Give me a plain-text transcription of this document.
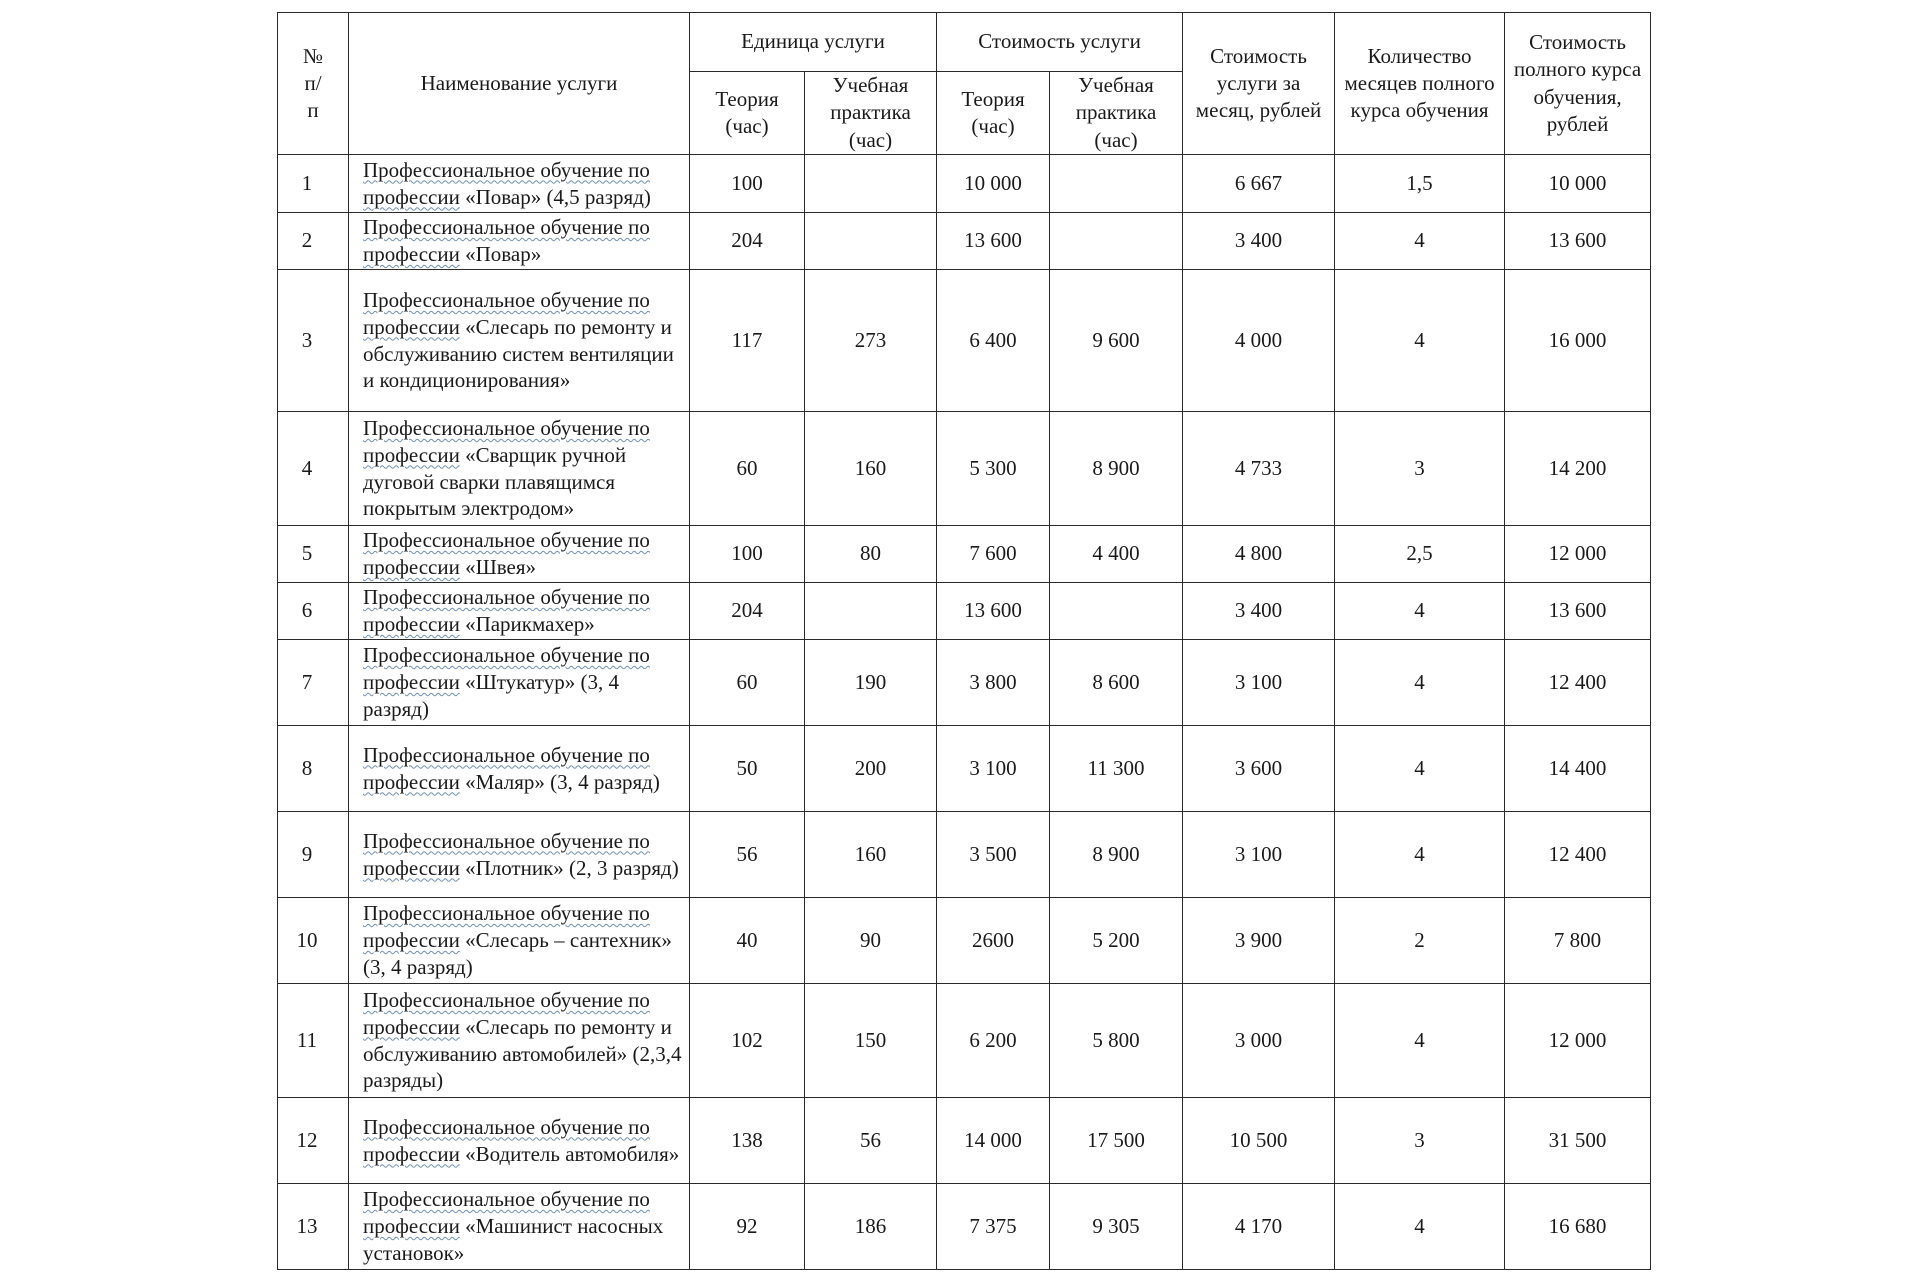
№
п/
п	Наименование услуги	Единица услуги		Стоимость услуги		Стоимость услуги за месяц, рублей	Количество месяцев полного курса обучения	Стоимость полного курса обучения, рублей
		Теория (час)	Учебная практика (час)	Теория (час)	Учебная практика (час)			
1	Профессиональное обучение по профессии «Повар» (4,5 разряд)	100		10 000		6 667	1,5	10 000
2	Профессиональное обучение по профессии «Повар»	204		13 600		3 400	4	13 600
3	Профессиональное обучение по профессии «Слесарь по ремонту и обслуживанию систем вентиляции и кондиционирования»	117	273	6 400	9 600	4 000	4	16 000
4	Профессиональное обучение по профессии «Сварщик ручной дуговой сварки плавящимся покрытым электродом»	60	160	5 300	8 900	4 733	3	14 200
5	Профессиональное обучение по профессии «Швея»	100	80	7 600	4 400	4 800	2,5	12 000
6	Профессиональное обучение по профессии «Парикмахер»	204		13 600		3 400	4	13 600
7	Профессиональное обучение по профессии «Штукатур» (3, 4 разряд)	60	190	3 800	8 600	3 100	4	12 400
8	Профессиональное обучение по профессии «Маляр» (3, 4 разряд)	50	200	3 100	11 300	3 600	4	14 400
9	Профессиональное обучение по профессии «Плотник» (2, 3 разряд)	56	160	3 500	8 900	3 100	4	12 400
10	Профессиональное обучение по профессии «Слесарь – сантехник» (3, 4 разряд)	40	90	2600	5 200	3 900	2	7 800
11	Профессиональное обучение по профессии «Слесарь по ремонту и обслуживанию автомобилей» (2,3,4 разряды)	102	150	6 200	5 800	3 000	4	12 000
12	Профессиональное обучение по профессии «Водитель автомобиля»	138	56	14 000	17 500	10 500	3	31 500
13	Профессиональное обучение по профессии «Машинист насосных установок»	92	186	7 375	9 305	4 170	4	16 680
